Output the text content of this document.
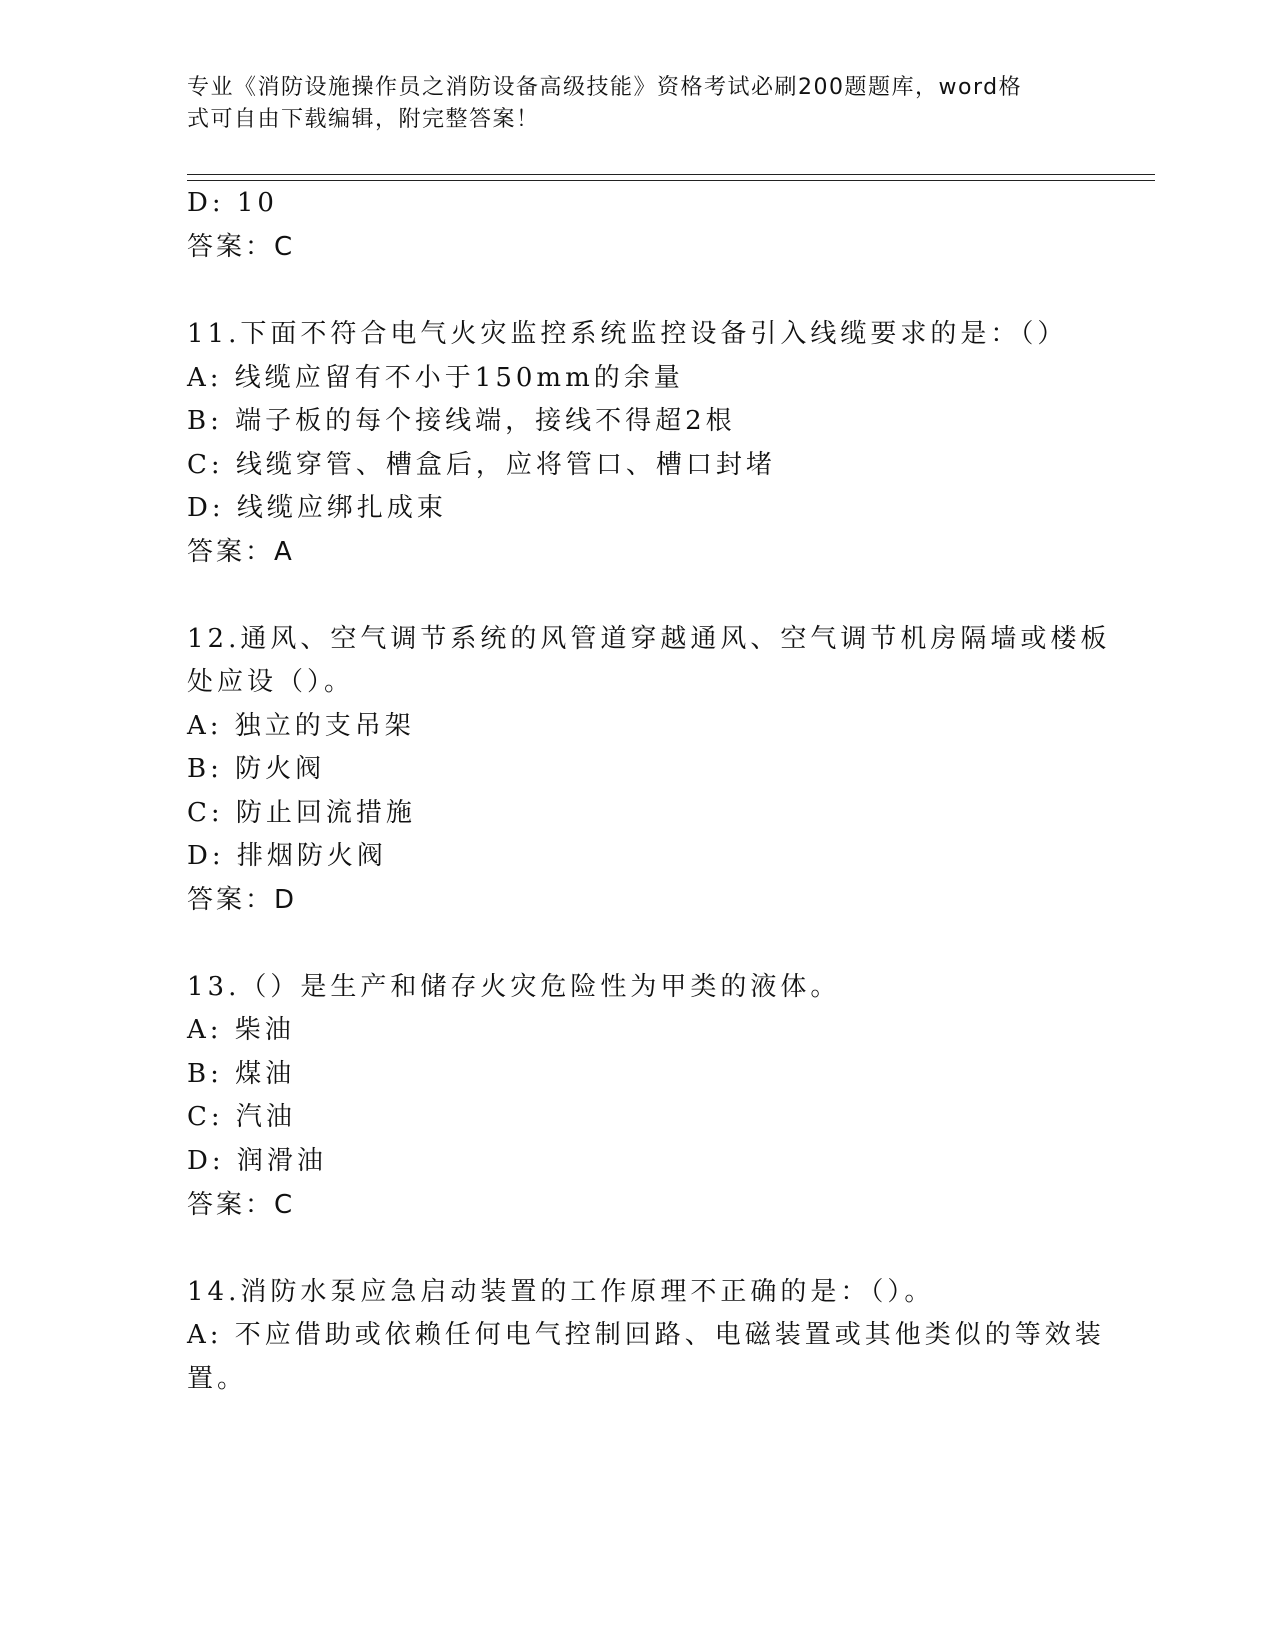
专业《消防设施操作员之消防设备高级技能》资格考试必刷200题题库，word格
式可自由下载编辑，附完整答案！
D: 10
答案：C
11.下面不符合电气火灾监控系统监控设备引入线缆要求的是：（）
A: 线缆应留有不小于150mm的余量
B: 端子板的每个接线端，接线不得超2根
C: 线缆穿管、槽盒后，应将管口、槽口封堵
D: 线缆应绑扎成束
答案：A
12.通风、空气调节系统的风管道穿越通风、空气调节机房隔墙或楼板
处应设（）。
A: 独立的支吊架
B: 防火阀
C: 防止回流措施
D: 排烟防火阀
答案：D
13.（）是生产和储存火灾危险性为甲类的液体。
A: 柴油
B: 煤油
C: 汽油
D: 润滑油
答案：C
14.消防水泵应急启动装置的工作原理不正确的是：（）。
A: 不应借助或依赖任何电气控制回路、电磁装置或其他类似的等效装
置。
